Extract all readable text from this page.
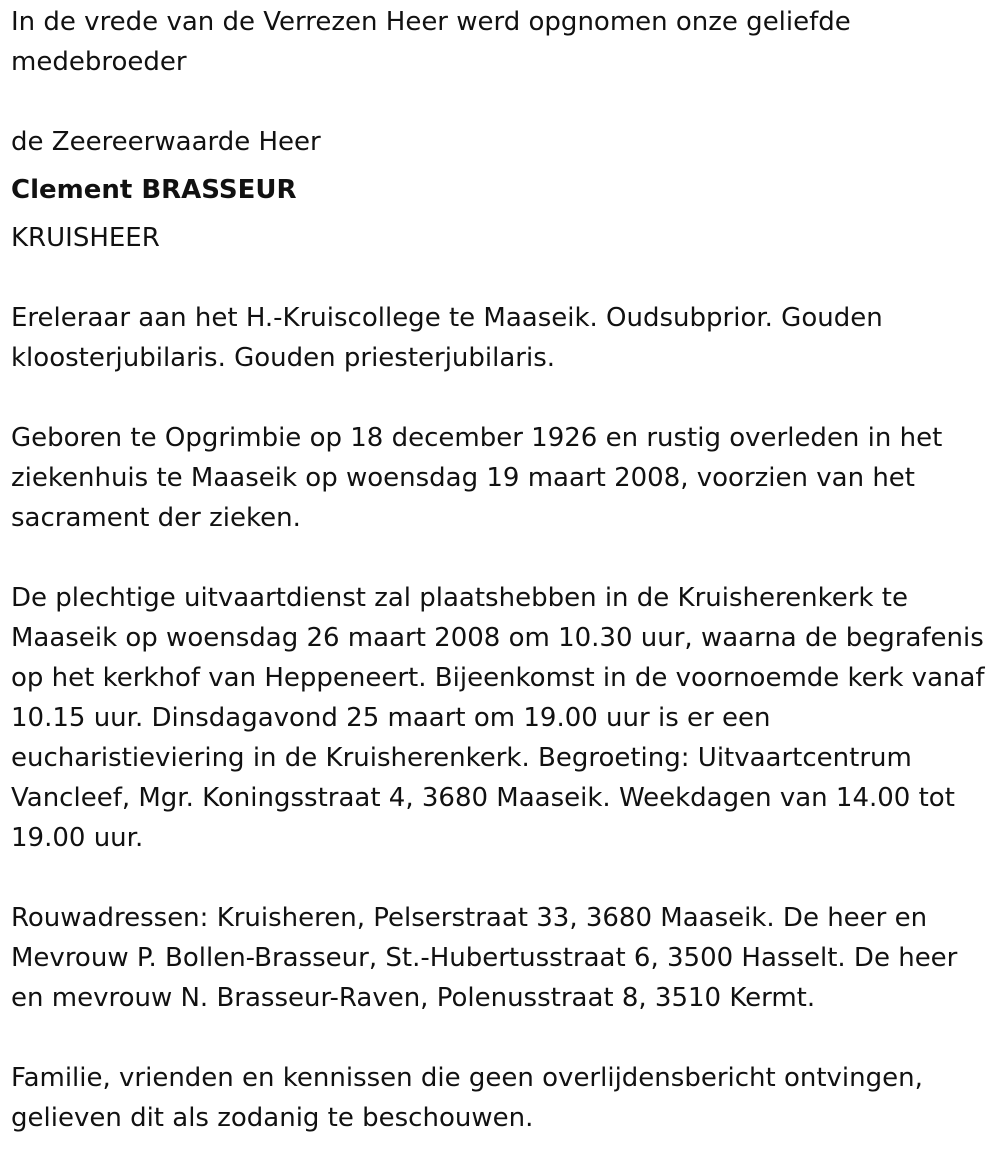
In de vrede van de Verrezen Heer werd opgnomen onze geliefde medebroeder

de Zeereerwaarde Heer

Clement BRASSEUR

KRUISHEER

Ereleraar aan het H.-Kruiscollege te Maaseik. Oudsubprior. Gouden kloosterjubilaris. Gouden priesterjubilaris.

Geboren te Opgrimbie op 18 december 1926 en rustig overleden in het ziekenhuis te Maaseik op woensdag 19 maart 2008, voorzien van het sacrament der zieken.

De plechtige uitvaartdienst zal plaatshebben in de Kruisherenkerk te Maaseik op woensdag 26 maart 2008 om 10.30 uur, waarna de begrafenis op het kerkhof van Heppeneert. Bijeenkomst in de voornoemde kerk vanaf 10.15 uur. Dinsdagavond 25 maart om 19.00 uur is er een eucharistieviering in de Kruisherenkerk. Begroeting: Uitvaartcentrum Vancleef, Mgr. Koningsstraat 4, 3680 Maaseik. Weekdagen van 14.00 tot 19.00 uur.

Rouwadressen: Kruisheren, Pelserstraat 33, 3680 Maaseik. De heer en Mevrouw P. Bollen-Brasseur, St.-Hubertusstraat 6, 3500 Hasselt. De heer en mevrouw N. Brasseur-Raven, Polenusstraat 8, 3510 Kermt.

Familie, vrienden en kennissen die geen overlijdensbericht ontvingen, gelieven dit als zodanig te beschouwen.
